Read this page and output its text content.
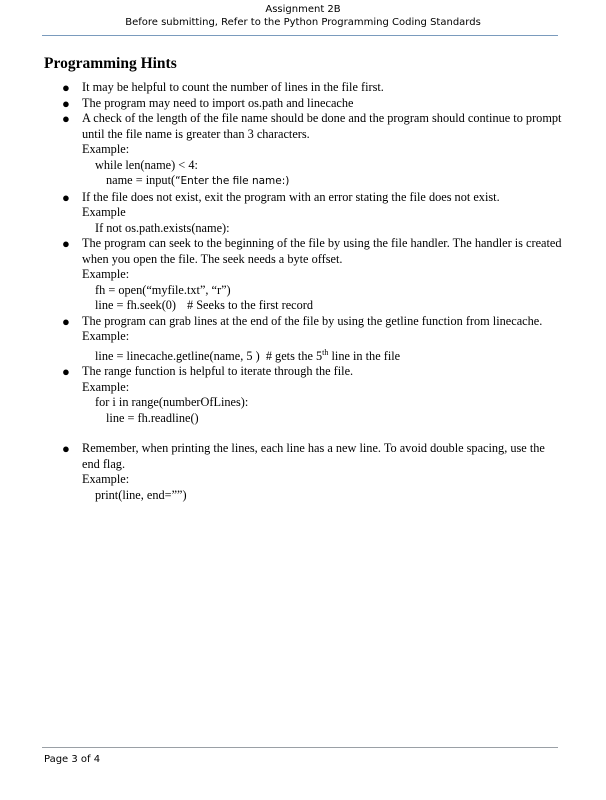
Assignment 2B
Before submitting, Refer to the Python Programming Coding Standards
Programming Hints
● It may be helpful to count the number of lines in the file first.
● The program may need to import os.path and linecache
● A check of the length of the file name should be done and the program should continue to prompt until the file name is greater than 3 characters.
Example:
while len(name) < 4:
name = input(“Enter the file name:)
● If the file does not exist, exit the program with an error stating the file does not exist.
Example
If not os.path.exists(name):
● The program can seek to the beginning of the file by using the file handler. The handler is created when you open the file. The seek needs a byte offset.
Example:
fh = open(“myfile.txt”, “r”)
line = fh.seek(0) # Seeks to the first record
● The program can grab lines at the end of the file by using the getline function from linecache.
Example:
line = linecache.getline(name, 5 )  # gets the 5th line in the file
● The range function is helpful to iterate through the file.
Example:
for i in range(numberOfLines):
line = fh.readline()
● Remember, when printing the lines, each line has a new line. To avoid double spacing, use the end flag.
Example:
print(line, end=””)
Page 3 of 4
